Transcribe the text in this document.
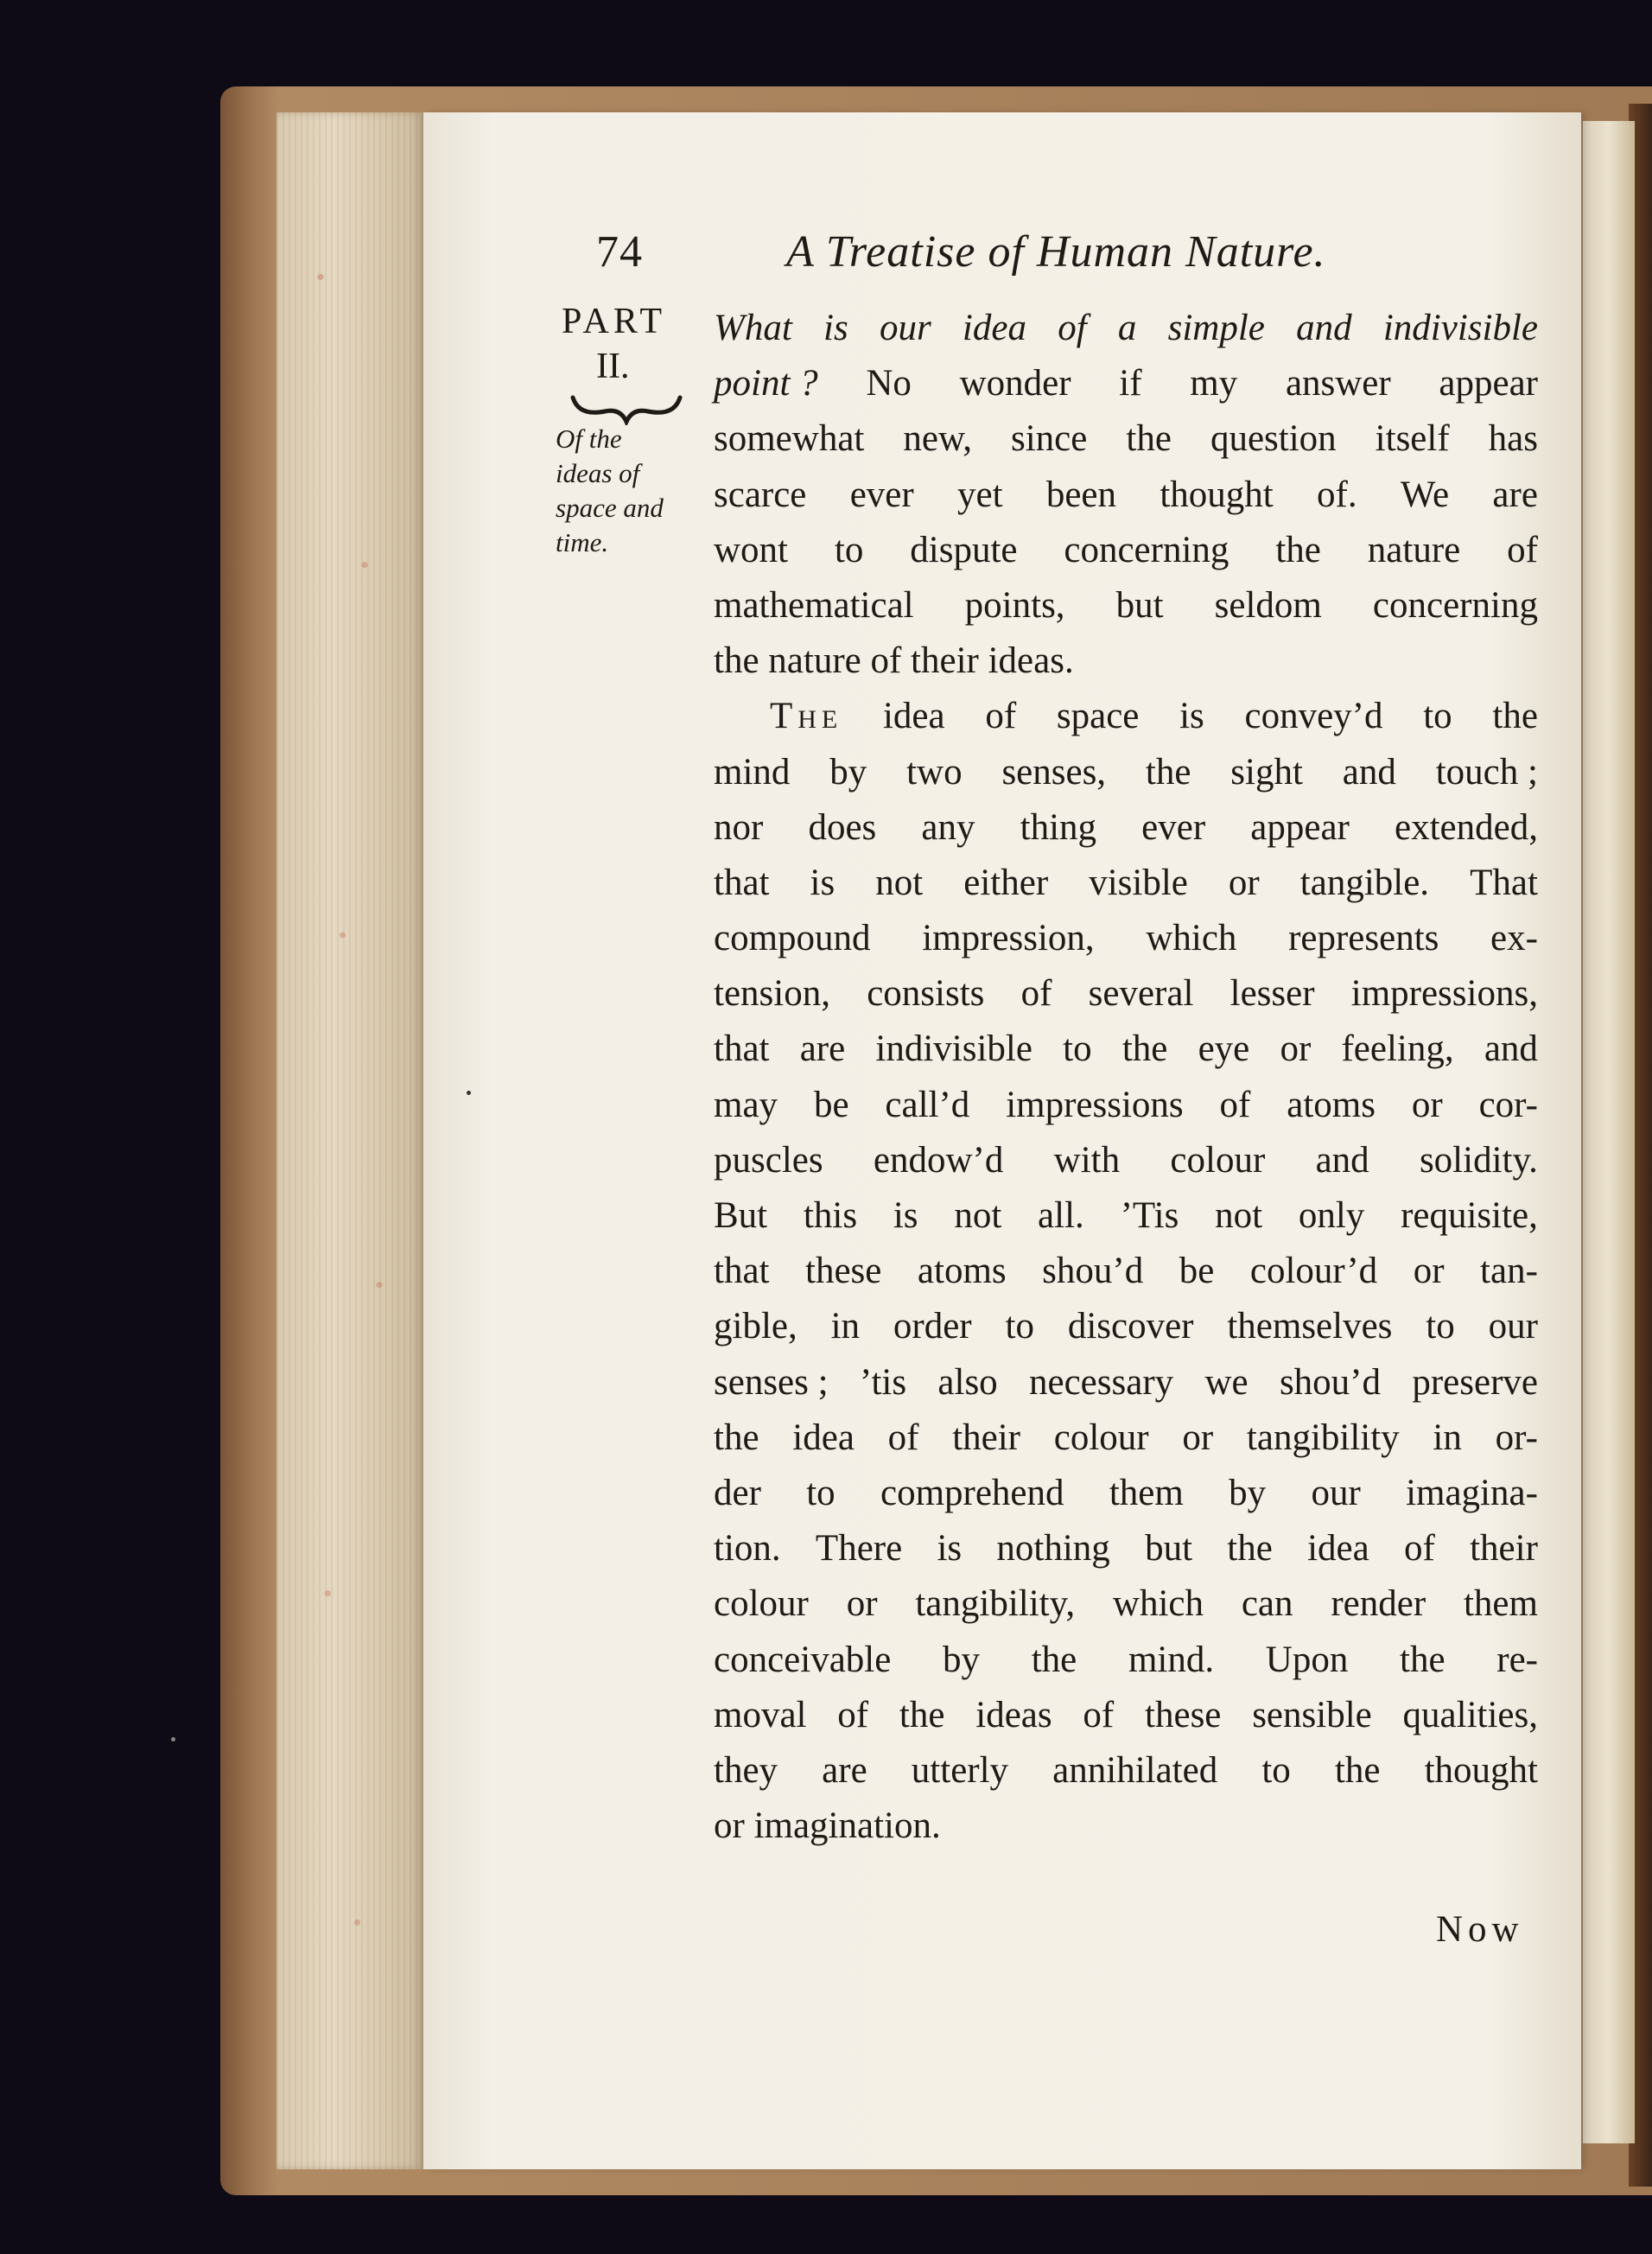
74	A Treatise of Human Nature.
PART
II.
Of the
ideas of
space and
time.
What is our idea of a simple and indivisible
point ? No wonder if my answer appear
somewhat new, since the question itself has
scarce ever yet been thought of. We are
wont to dispute concerning the nature of
mathematical points, but seldom concerning
the nature of their ideas.
The idea of space is convey’d to the
mind by two senses, the sight and touch ;
nor does any thing ever appear extended,
that is not either visible or tangible. That
compound impression, which represents ex-
tension, consists of several lesser impressions,
that are indivisible to the eye or feeling, and
may be call’d impressions of atoms or cor-
puscles endow’d with colour and solidity.
But this is not all. ’Tis not only requisite,
that these atoms shou’d be colour’d or tan-
gible, in order to discover themselves to our
senses ; ’tis also necessary we shou’d preserve
the idea of their colour or tangibility in or-
der to comprehend them by our imagina-
tion. There is nothing but the idea of their
colour or tangibility, which can render them
conceivable by the mind. Upon the re-
moval of the ideas of these sensible qualities,
they are utterly annihilated to the thought
or imagination.
Now
